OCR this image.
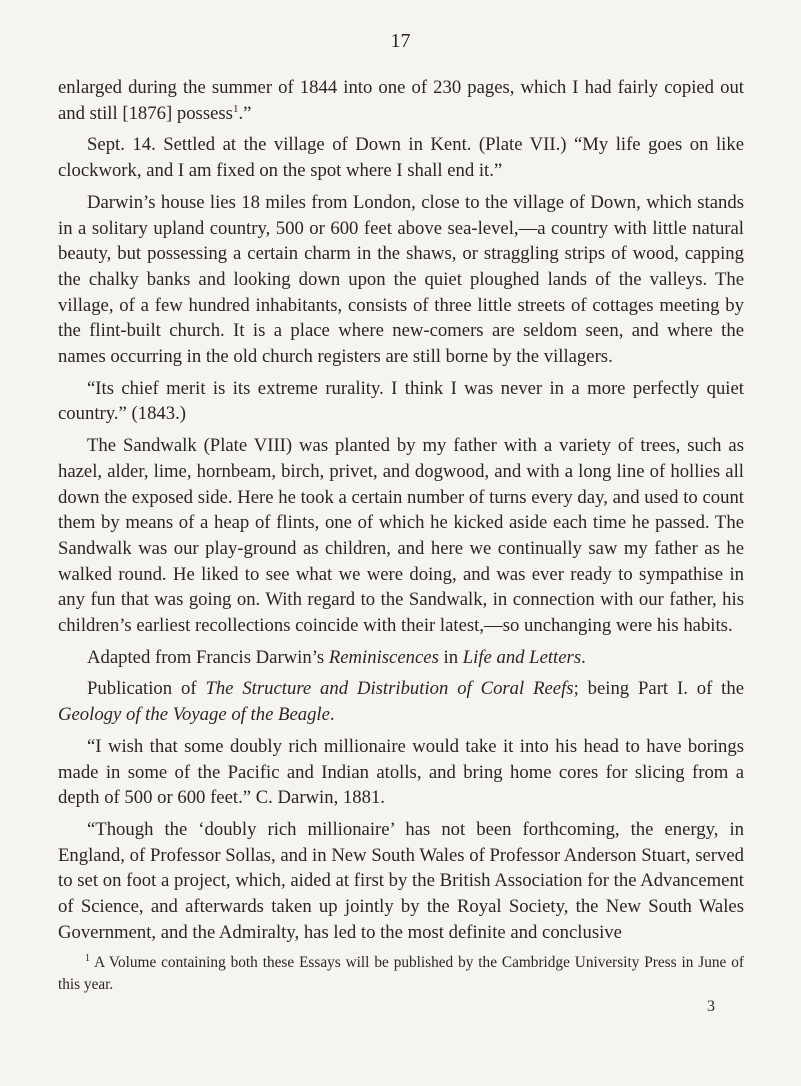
17

enlarged during the summer of 1844 into one of 230 pages, which I had fairly copied out and still [1876] possess$^1$.”

Sept. 14. Settled at the village of Down in Kent. (Plate VII.) “My life goes on like clockwork, and I am fixed on the spot where I shall end it.”

Darwin’s house lies 18 miles from London, close to the village of Down, which stands in a solitary upland country, 500 or 600 feet above sea-level,—a country with little natural beauty, but possessing a certain charm in the shaws, or straggling strips of wood, capping the chalky banks and looking down upon the quiet ploughed lands of the valleys. The village, of a few hundred inhabitants, consists of three little streets of cottages meeting by the flint-built church. It is a place where new-comers are seldom seen, and where the names occurring in the old church registers are still borne by the villagers.

“Its chief merit is its extreme rurality. I think I was never in a more perfectly quiet country.” (1843.)

The Sandwalk (Plate VIII) was planted by my father with a variety of trees, such as hazel, alder, lime, hornbeam, birch, privet, and dogwood, and with a long line of hollies all down the exposed side. Here he took a certain number of turns every day, and used to count them by means of a heap of flints, one of which he kicked aside each time he passed. The Sandwalk was our play-ground as children, and here we continually saw my father as he walked round. He liked to see what we were doing, and was ever ready to sympathise in any fun that was going on. With regard to the Sandwalk, in connection with our father, his children’s earliest recollections coincide with their latest,—so unchanging were his habits.

Adapted from Francis Darwin’s Reminiscences in Life and Letters.

Publication of The Structure and Distribution of Coral Reefs; being Part I. of the Geology of the Voyage of the Beagle.

“I wish that some doubly rich millionaire would take it into his head to have borings made in some of the Pacific and Indian atolls, and bring home cores for slicing from a depth of 500 or 600 feet.” C. Darwin, 1881.

“Though the ‘doubly rich millionaire’ has not been forthcoming, the energy, in England, of Professor Sollas, and in New South Wales of Professor Anderson Stuart, served to set on foot a project, which, aided at first by the British Association for the Advancement of Science, and afterwards taken up jointly by the Royal Society, the New South Wales Government, and the Admiralty, has led to the most definite and conclusive

$^1$ A Volume containing both these Essays will be published by the Cambridge University Press in June of this year.
3
